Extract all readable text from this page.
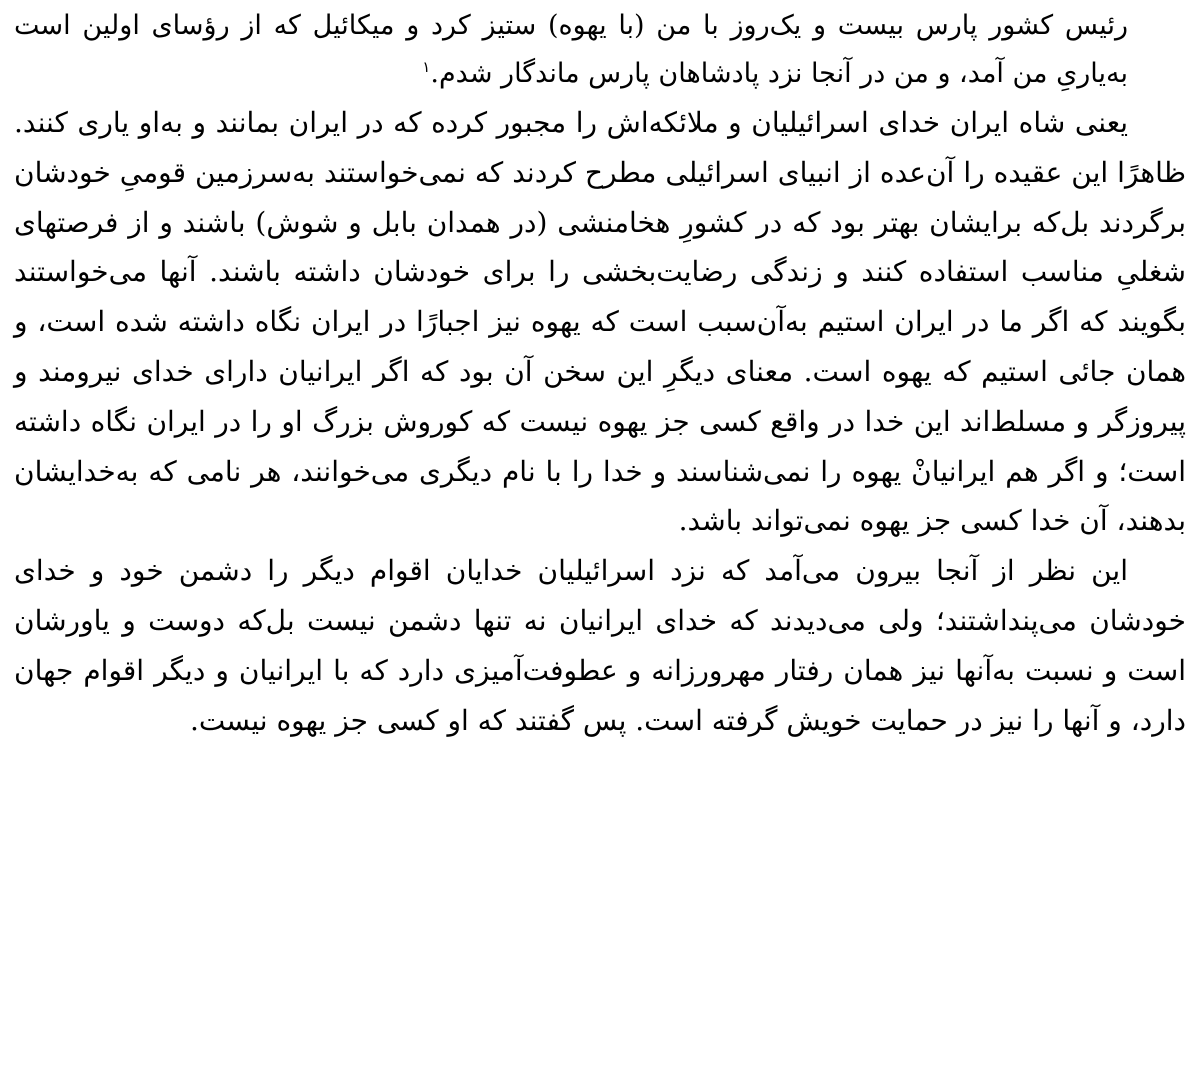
رئیس کشور پارس بیست و یک‌روز با من (با یهوه) ستیز کرد و میکائیل که از رؤسای اولین است به‌یاریِ من آمد، و من در آنجا نزد پادشاهان پارس ماندگار شدم.$^۱$

یعنی شاه ایران خدای اسرائیلیان و ملائکه‌اش را مجبور کرده که در ایران بمانند و به‌او یاری کنند. ظاهرًا این عقیده را آن‌عده از انبیای اسرائیلی مطرح کردند که نمی‌خواستند به‌سرزمین قومیِ خودشان برگردند بل‌که برایشان بهتر بود که در کشورِ هخامنشی (در همدان بابل و شوش) باشند و از فرصتهای شغلیِ مناسب استفاده کنند و زندگی رضایت‌بخشی را برای خودشان داشته باشند. آنها می‌خواستند بگویند که اگر ما در ایران استیم به‌آن‌سبب است که یهوه نیز اجبارًا در ایران نگاه داشته شده است، و همان جائی استیم که یهوه است. معنای دیگرِ این سخن آن بود که اگر ایرانیان دارای خدای نیرومند و پیروزگر و مسلط‌اند این خدا در واقع کسی جز یهوه نیست که کوروش بزرگ او را در ایران نگاه داشته است؛ و اگر هم ایرانیانْ یهوه را نمی‌شناسند و خدا را با نام دیگری می‌خوانند، هر نامی که به‌خدایشان بدهند، آن خدا کسی جز یهوه نمی‌تواند باشد.

این نظر از آنجا بیرون می‌آمد که نزد اسرائیلیان خدایان اقوام دیگر را دشمن خود و خدای خودشان می‌پنداشتند؛ ولی می‌دیدند که خدای ایرانیان نه تنها دشمن نیست بل‌که دوست و یاورشان است و نسبت به‌آنها نیز همان رفتار مهرورزانه و عطوفت‌آمیزی دارد که با ایرانیان و دیگر اقوام جهان دارد، و آنها را نیز در حمایت خویش گرفته است. پس گفتند که او کسی جز یهوه نیست.
